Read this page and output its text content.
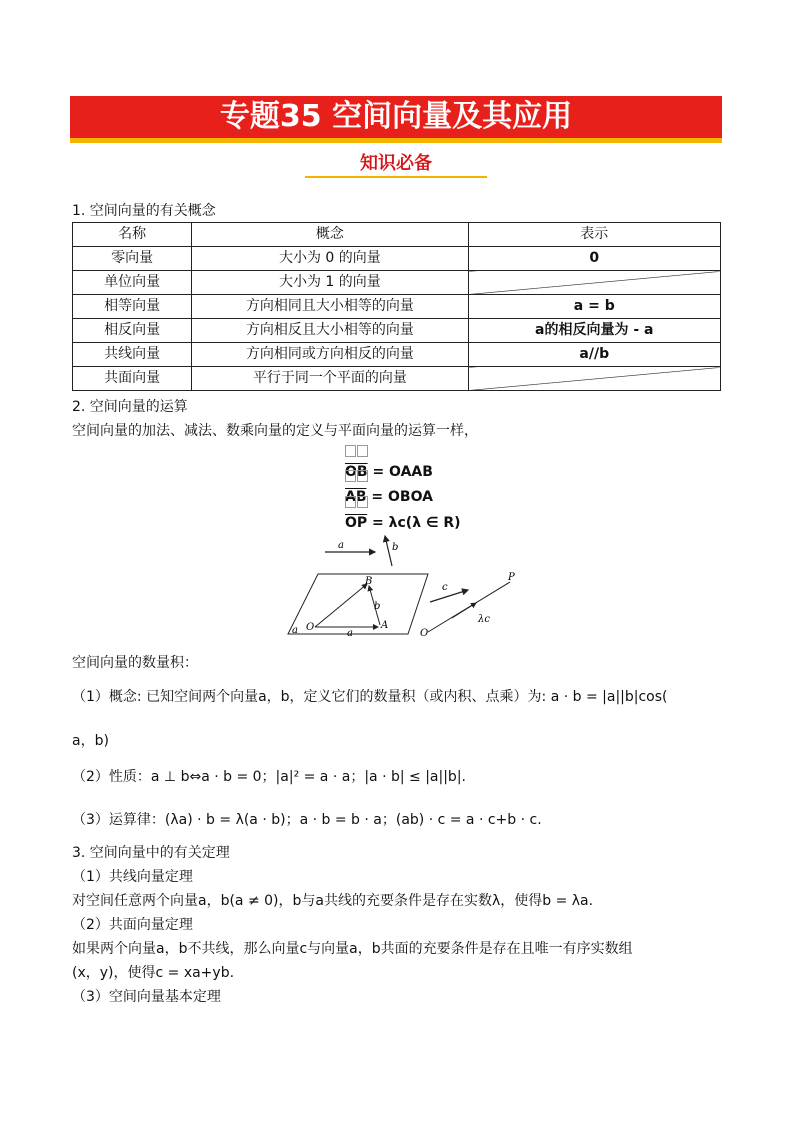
专题35 空间向量及其应用
知识必备
1. 空间向量的有关概念
名称	概念	表示
零向量	大小为 0 的向量	0
单位向量	大小为 1 的向量	
相等向量	方向相同且大小相等的向量	a = b
相反向量	方向相反且大小相等的向量	a的相反向量为 - a
共线向量	方向相同或方向相反的向量	a//b
共面向量	平行于同一个平面的向量	
2. 空间向量的运算
空间向量的加法、减法、数乘向量的定义与平面向量的运算一样，

$\overline{OB}$ = OAAB

$\overline{AB}$ = OBOA

$\overline{OP} = \lambda c(\lambda$ ∈ R)
a	b
B
b
O
a
A
a
c
P
λc
O
空间向量的数量积：
（1）概念: 已知空间两个向量a，b，定义它们的数量积（或内积、点乘）为: a · b = |a||b|cos(
a，b)
（2）性质：a ⊥ b⇔a · b = 0；|a|² = a · a；|a · b| ≤ |a||b|.
（3）运算律：(λa) · b = λ(a · b)；a · b = b · a；(ab) · c = a · c+b · c.
3. 空间向量中的有关定理
（1）共线向量定理
对空间任意两个向量a，b(a ≠ 0)，b与a共线的充要条件是存在实数λ，使得b = λa.
（2）共面向量定理
如果两个向量a，b不共线，那么向量c与向量a，b共面的充要条件是存在且唯一有序实数组
(x，y)，使得c = xa+yb.
（3）空间向量基本定理
